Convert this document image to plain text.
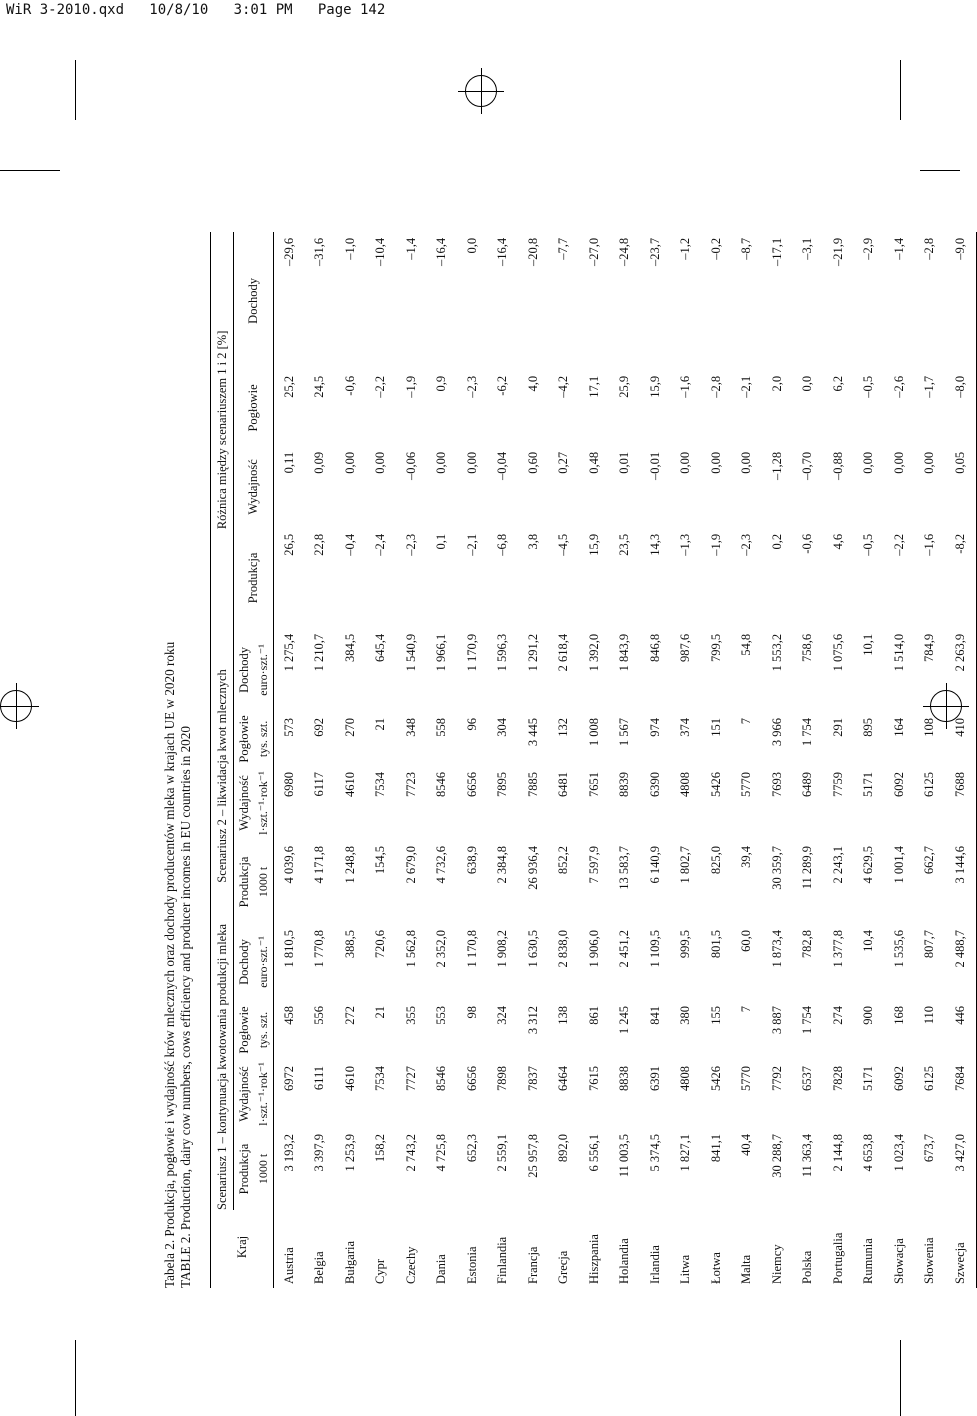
WiR 3-2010.qxd   10/8/10   3:01 PM   Page 142

Tabela 2. Produkcja, pogłowie i wydajność krów mlecznych oraz dochody producentów mleka w krajach UE w 2020 roku TABLE 2. Production, dairy cow numbers, cows efficiency and producer incomes in EU countries in 2020	Kraj	Scenariusz 1 – kontynuacja kwotowania produkcji mleka				Scenariusz 2 – likwidacja kwot mlecznych				Różnica między scenariuszem 1 i 2 [%]			
	Produkcja	Wydajność	Pogłowie	Dochody	Produkcja	Wydajność	Pogłowie	Dochody	Produkcja	Wydajność	Pogłowie	Dochody
	1000 t	l·szt.⁻¹·rok⁻¹	tys. szt.	euro·szt.⁻¹	1000 t	l·szt.⁻¹·rok⁻¹	tys. szt.	euro·szt.⁻¹				
Austria	3 193,2	6972	458	1 810,5	4 039,6	6980	573	1 275,4	26,5	0,11	25,2	–29,6
Belgia	3 397,9	6111	556	1 770,8	4 171,8	6117	692	1 210,7	22,8	0,09	24,5	–31,6
Bułgaria	1 253,9	4610	272	388,5	1 248,8	4610	270	384,5	–0,4	0,00	-0,6	–1,0
Cypr	158,2	7534	21	720,6	154,5	7534	21	645,4	–2,4	0,00	–2,2	–10,4
Czechy	2 743,2	7727	355	1 562,8	2 679,0	7723	348	1 540,9	–2,3	–0,06	–1,9	–1,4
Dania	4 725,8	8546	553	2 352,0	4 732,6	8546	558	1 966,1	0,1	0,00	0,9	–16,4
Estonia	652,3	6656	98	1 170,8	638,9	6656	96	1 170,9	–2,1	0,00	–2,3	0,0
Finlandia	2 559,1	7898	324	1 908,2	2 384,8	7895	304	1 596,3	–6,8	–0,04	-6,2	–16,4
Francja	25 957,8	7837	3 312	1 630,5	26 936,4	7885	3 445	1 291,2	3,8	0,60	4,0	–20,8
Grecja	892,0	6464	138	2 838,0	852,2	6481	132	2 618,4	–4,5	0,27	–4,2	–7,7
Hiszpania	6 556,1	7615	861	1 906,0	7 597,9	7651	1 008	1 392,0	15,9	0,48	17,1	–27,0
Holandia	11 003,5	8838	1 245	2 451,2	13 583,7	8839	1 567	1 843,9	23,5	0,01	25,9	–24,8
Irlandia	5 374,5	6391	841	1 109,5	6 140,9	6390	974	846,8	14,3	–0,01	15,9	–23,7
Litwa	1 827,1	4808	380	999,5	1 802,7	4808	374	987,6	–1,3	0,00	–1,6	–1,2
Łotwa	841,1	5426	155	801,5	825,0	5426	151	799,5	–1,9	0,00	–2,8	–0,2
Malta	40,4	5770	7	60,0	39,4	5770	7	54,8	–2,3	0,00	–2,1	–8,7
Niemcy	30 288,7	7792	3 887	1 873,4	30 359,7	7693	3 966	1 553,2	0,2	–1,28	2,0	–17,1
Polska	11 363,4	6537	1 754	782,8	11 289,9	6489	1 754	758,6	-0,6	–0,70	0,0	–3,1
Portugalia	2 144,8	7828	274	1 377,8	2 243,1	7759	291	1 075,6	4,6	–0,88	6,2	–21,9
Rumunia	4 653,8	5171	900	10,4	4 629,5	5171	895	10,1	–0,5	0,00	–0,5	–2,9
Słowacja	1 023,4	6092	168	1 535,6	1 001,4	6092	164	1 514,0	–2,2	0,00	–2,6	–1,4
Słowenia	673,7	6125	110	807,7	662,7	6125	108	784,9	–1,6	0,00	–1,7	–2,8
Szwecja	3 427,0	7684	446	2 488,7	3 144,6	7688	410	2 263,9	-8,2	0,05	–8,0	–9,0
